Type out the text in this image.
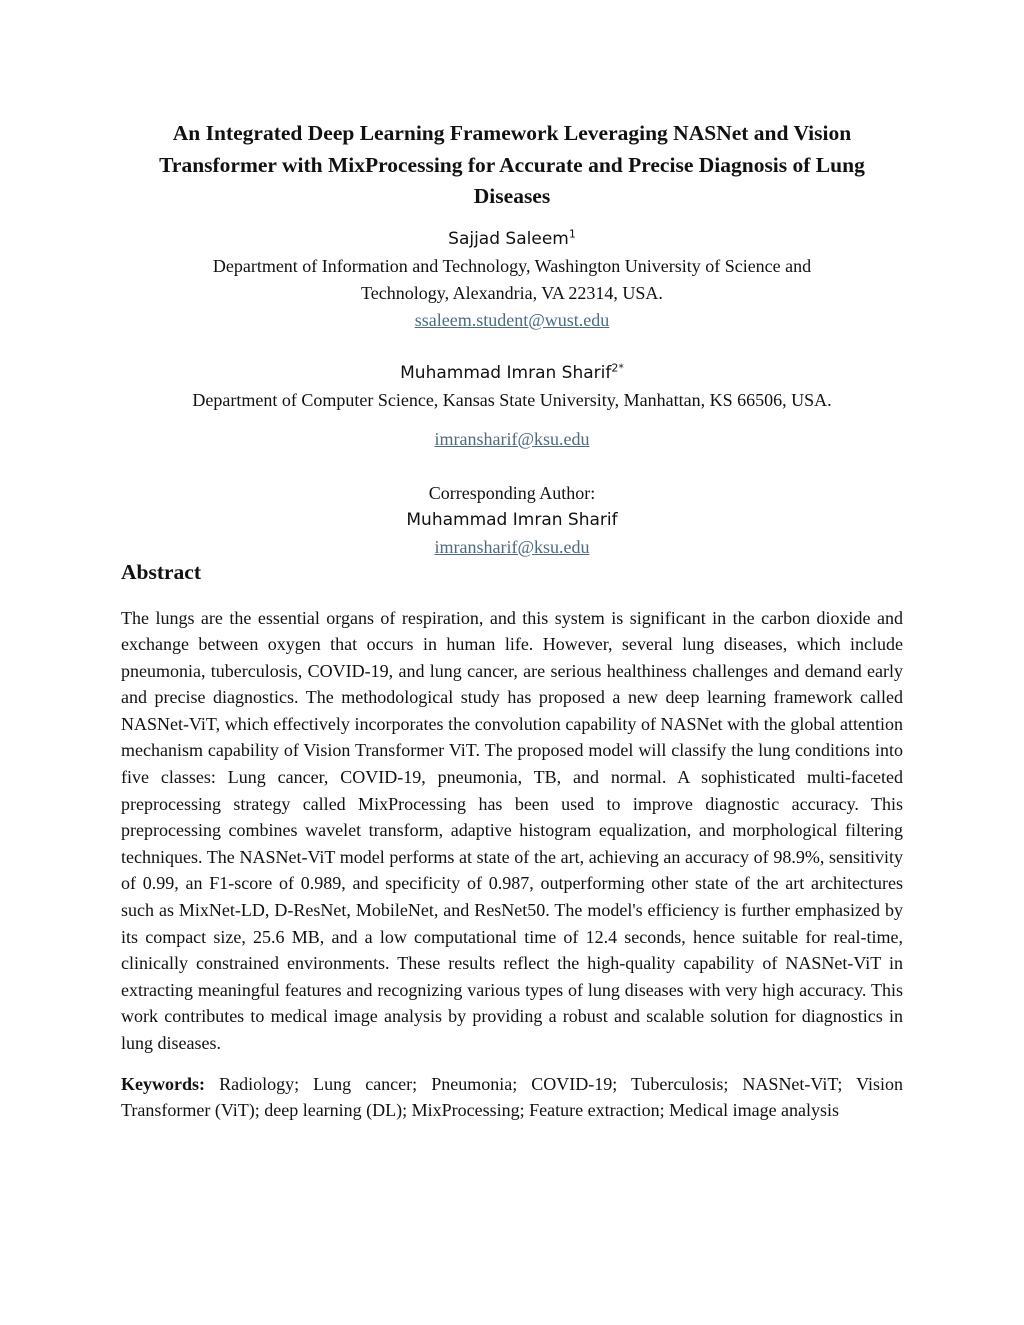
An Integrated Deep Learning Framework Leveraging NASNet and Vision Transformer with MixProcessing for Accurate and Precise Diagnosis of Lung Diseases
Sajjad Saleem$^1$
Department of Information and Technology, Washington University of Science and
Technology, Alexandria, VA 22314, USA.
ssaleem.student@wust.edu
Muhammad Imran Sharif$^{2*}$
Department of Computer Science, Kansas State University, Manhattan, KS 66506, USA.
imransharif@ksu.edu
Corresponding Author:
Muhammad Imran Sharif
imransharif@ksu.edu
Abstract

The lungs are the essential organs of respiration, and this system is significant in the carbon dioxide and exchange between oxygen that occurs in human life. However, several lung diseases, which include pneumonia, tuberculosis, COVID-19, and lung cancer, are serious healthiness challenges and demand early and precise diagnostics. The methodological study has proposed a new deep learning framework called NASNet-ViT, which effectively incorporates the convolution capability of NASNet with the global attention mechanism capability of Vision Transformer ViT. The proposed model will classify the lung conditions into five classes: Lung cancer, COVID-19, pneumonia, TB, and normal. A sophisticated multi-faceted preprocessing strategy called MixProcessing has been used to improve diagnostic accuracy. This preprocessing combines wavelet transform, adaptive histogram equalization, and morphological filtering techniques. The NASNet-ViT model performs at state of the art, achieving an accuracy of 98.9%, sensitivity of 0.99, an F1-score of 0.989, and specificity of 0.987, outperforming other state of the art architectures such as MixNet-LD, D-ResNet, MobileNet, and ResNet50. The model's efficiency is further emphasized by its compact size, 25.6 MB, and a low computational time of 12.4 seconds, hence suitable for real-time, clinically constrained environments. These results reflect the high-quality capability of NASNet-ViT in extracting meaningful features and recognizing various types of lung diseases with very high accuracy. This work contributes to medical image analysis by providing a robust and scalable solution for diagnostics in lung diseases.

Keywords: Radiology; Lung cancer; Pneumonia; COVID-19; Tuberculosis; NASNet-ViT; Vision Transformer (ViT); deep learning (DL); MixProcessing; Feature extraction; Medical image analysis
